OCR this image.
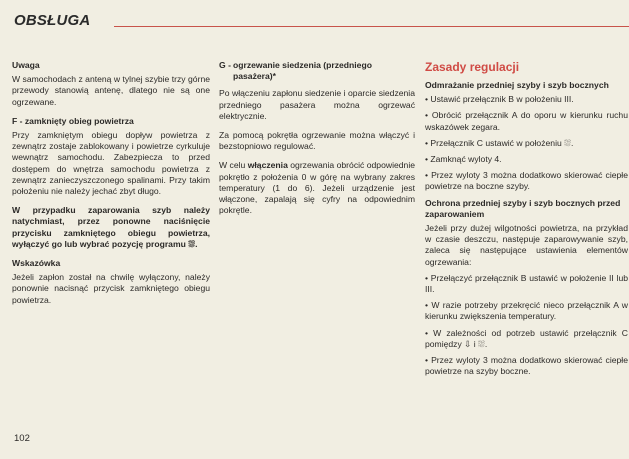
OBSŁUGA
Uwaga

W samochodach z anteną w tylnej szybie trzy górne przewody stanowią antenę, dlatego nie są one ogrzewane.

F - zamknięty obieg powietrza

Przy zamkniętym obiegu dopływ powietrza z zewnątrz zostaje zablokowany i powietrze cyrkuluje wewnątrz samochodu. Zabezpiecza to przed dostępem do wnętrza samochodu powietrza z zewnątrz zanieczyszczonego spalinami. Przy takim położeniu nie należy jechać zbyt długo.

W przypadku zaparowania szyb należy natychmiast, przez ponowne naciśnięcie przycisku zamkniętego obiegu powietrza, wyłączyć go lub wybrać pozycję programu ⛆.

Wskazówka

Jeżeli zapłon został na chwilę wyłączony, należy ponownie nacisnąć przycisk zamkniętego obiegu powietrza.

G - ogrzewanie siedzenia (przedniego pasażera)*

Po włączeniu zapłonu siedzenie i oparcie siedzenia przedniego pasażera można ogrzewać elektrycznie.

Za pomocą pokrętła ogrzewanie można włączyć i bezstopniowo regulować.

W celu włączenia ogrzewania obrócić odpowiednie pokrętło z położenia 0 w górę na wybrany zakres temperatury (1 do 6). Jeżeli urządzenie jest włączone, zapalają się cyfry na odpowiednim pokrętle.

Zasady regulacji
Odmrażanie przedniej szyby i szyb bocznych
• Ustawić przełącznik B w położeniu III.
• Obrócić przełącznik A do oporu w kierunku ruchu wskazówek zegara.
• Przełącznik C ustawić w położeniu ⛆.
• Zamknąć wyloty 4.
• Przez wyloty 3 można dodatkowo skierować ciepłe powietrze na boczne szyby.
Ochrona przedniej szyby i szyb bocznych przed zaparowaniem

Jeżeli przy dużej wilgotności powietrza, na przykład w czasie deszczu, następuje zaparowywanie szyb, zaleca się następujące ustawienia elementów ogrzewania:

• Przełączyć przełącznik B ustawić w położenie II lub III.
• W razie potrzeby przekręcić nieco przełącznik A w kierunku zwiększenia temperatury.
• W zależności od potrzeb ustawić przełącznik C pomiędzy ⇩ i ⛆.
• Przez wyloty 3 można dodatkowo skierować ciepłe powietrze na szyby boczne.
102
